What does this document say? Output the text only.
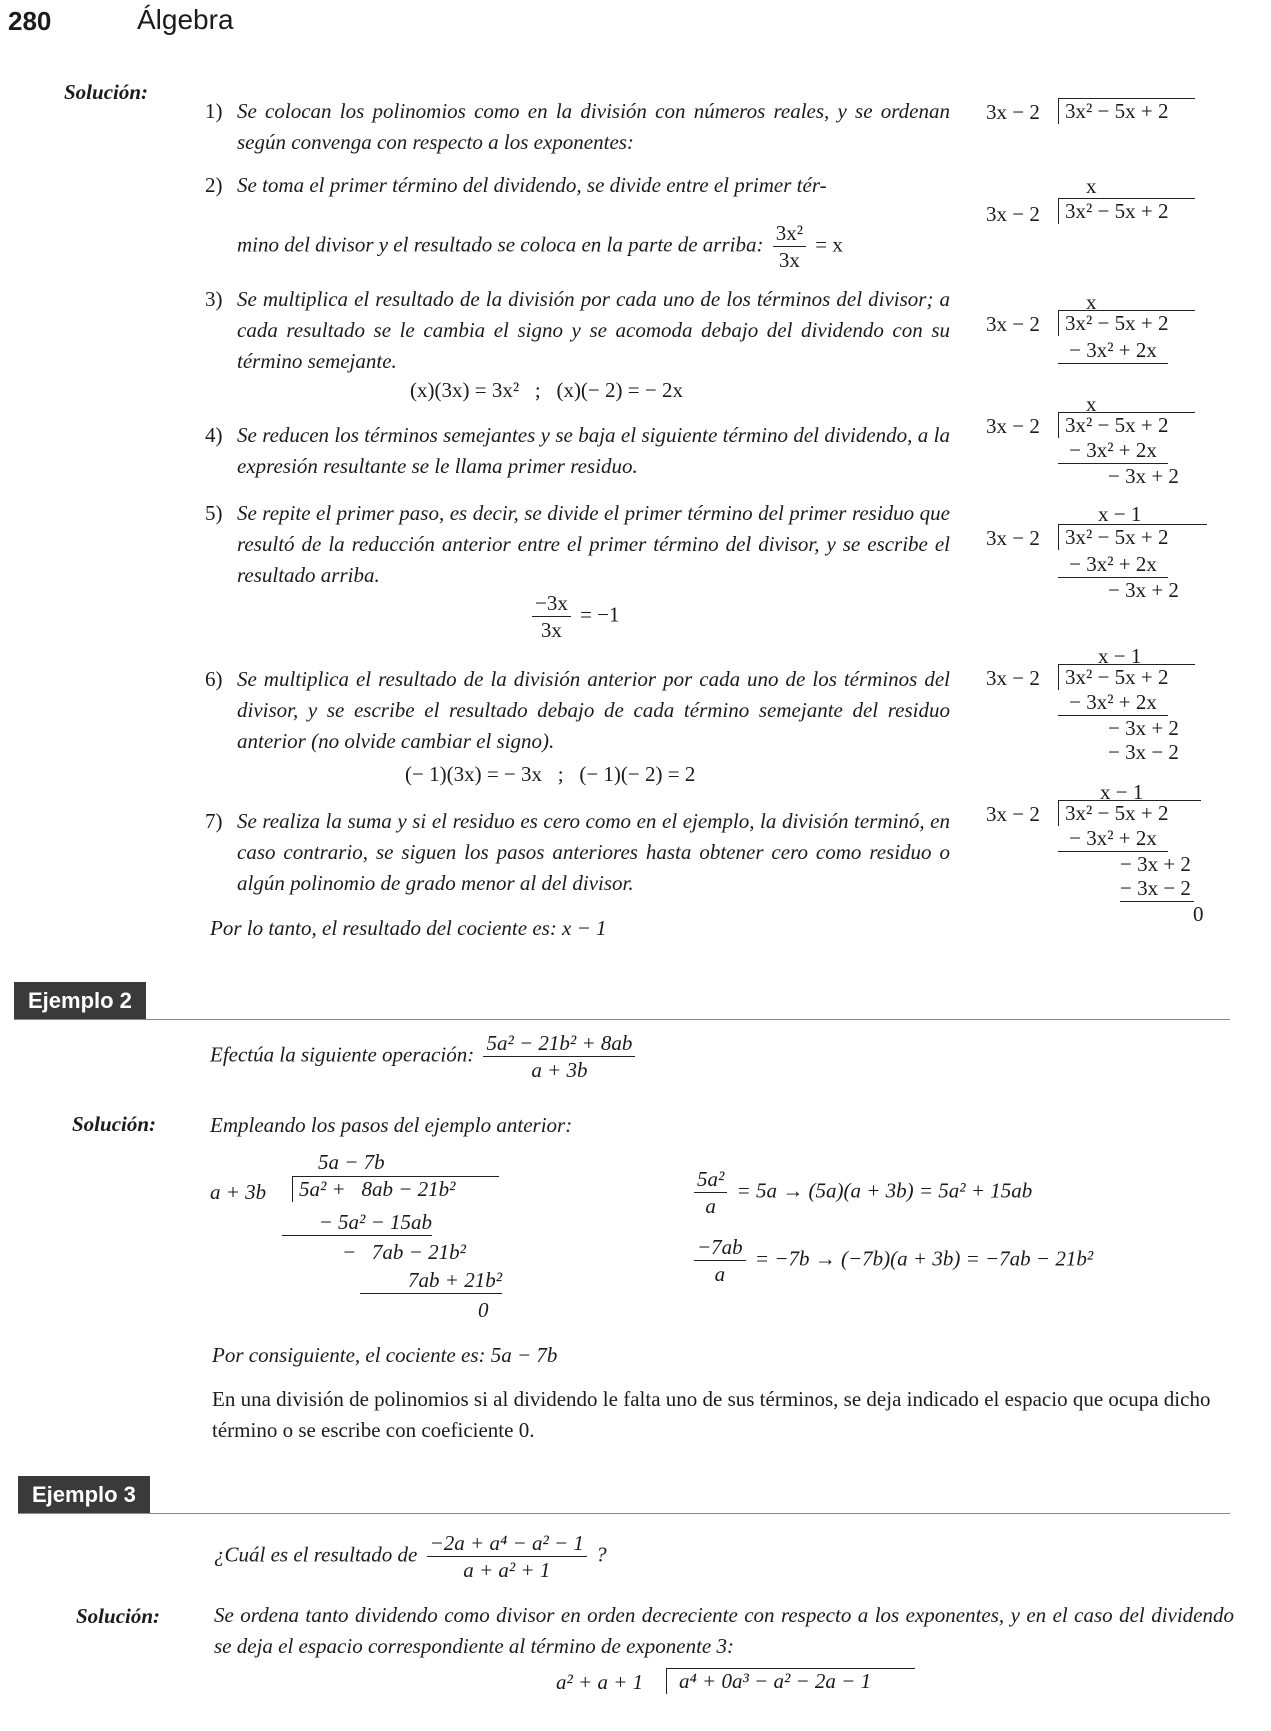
280	Álgebra
Solución:
1) Se colocan los polinomios como en la división con números reales, y se ordenan según convenga con respecto a los exponentes:
2) Se toma el primer término del dividendo, se divide entre el primer tér-
mino del divisor y el resultado se coloca en la parte de arriba: $\frac{\text{3x²}}{3x} = x$
3) Se multiplica el resultado de la división por cada uno de los términos del divisor; a cada resultado se le cambia el signo y se acomoda debajo del dividendo con su término semejante.
(x)(3x) = 3x²   ;   (x)(− 2) = − 2x
4) Se reducen los términos semejantes y se baja el siguiente término del dividendo, a la expresión resultante se le llama primer residuo.
5) Se repite el primer paso, es decir, se divide el primer término del primer residuo que resultó de la reducción anterior entre el primer término del divisor, y se escribe el resultado arriba.
$\frac{-3x}{3x} = -1$
6) Se multiplica el resultado de la división anterior por cada uno de los términos del divisor, y se escribe el resultado debajo de cada término semejante del residuo anterior (no olvide cambiar el signo).
(− 1)(3x) = − 3x   ;   (− 1)(− 2) = 2
7) Se realiza la suma y si el residuo es cero como en el ejemplo, la división terminó, en caso contrario, se siguen los pasos anteriores hasta obtener cero como residuo o algún polinomio de grado menor al del divisor.
Por lo tanto, el resultado del cociente es: x − 1
3x − 2	3x² − 5x + 2
x
3x − 2	3x² − 5x + 2
x
3x − 2	3x² − 5x + 2
− 3x² + 2x
x
3x − 2	3x² − 5x + 2
− 3x² + 2x
− 3x + 2
x − 1
3x − 2	3x² − 5x + 2
− 3x² + 2x
− 3x + 2
x − 1
3x − 2	3x² − 5x + 2
− 3x² + 2x
− 3x + 2
− 3x − 2
x − 1
3x − 2	3x² − 5x + 2
− 3x² + 2x
− 3x + 2
− 3x − 2
0
Ejemplo 2
Efectúa la siguiente operación: $\frac{\text{5a² − 21b² + 8ab}}{a + 3b}$
Solución:	Empleando los pasos del ejemplo anterior:
5a − 7b
a + 3b	5a² +   8ab − 21b²
− 5a² − 15ab
−   7ab − 21b²
7ab + 21b²
0
$\frac{\text{5a²}}{a} = 5a \to (5a)(a + 3b) = 5a^2 + 15ab$
$\frac{-7ab}{a} = -7b \to (-7b)(a + 3b) = -7ab - 21b^2$
Por consiguiente, el cociente es: 5a − 7b
En una división de polinomios si al dividendo le falta uno de sus términos, se deja indicado el espacio que ocupa dicho término o se escribe con coeficiente 0.
Ejemplo 3
¿Cuál es el resultado de $\frac{\text{−2a + a⁴ − a² − 1}}{\text{a + a² + 1}}$ ?
Solución:	Se ordena tanto dividendo como divisor en orden decreciente con respecto a los exponentes, y en el caso del dividendo se deja el espacio correspondiente al término de exponente 3:
a² + a + 1	a⁴ + 0a³ − a² − 2a − 1
